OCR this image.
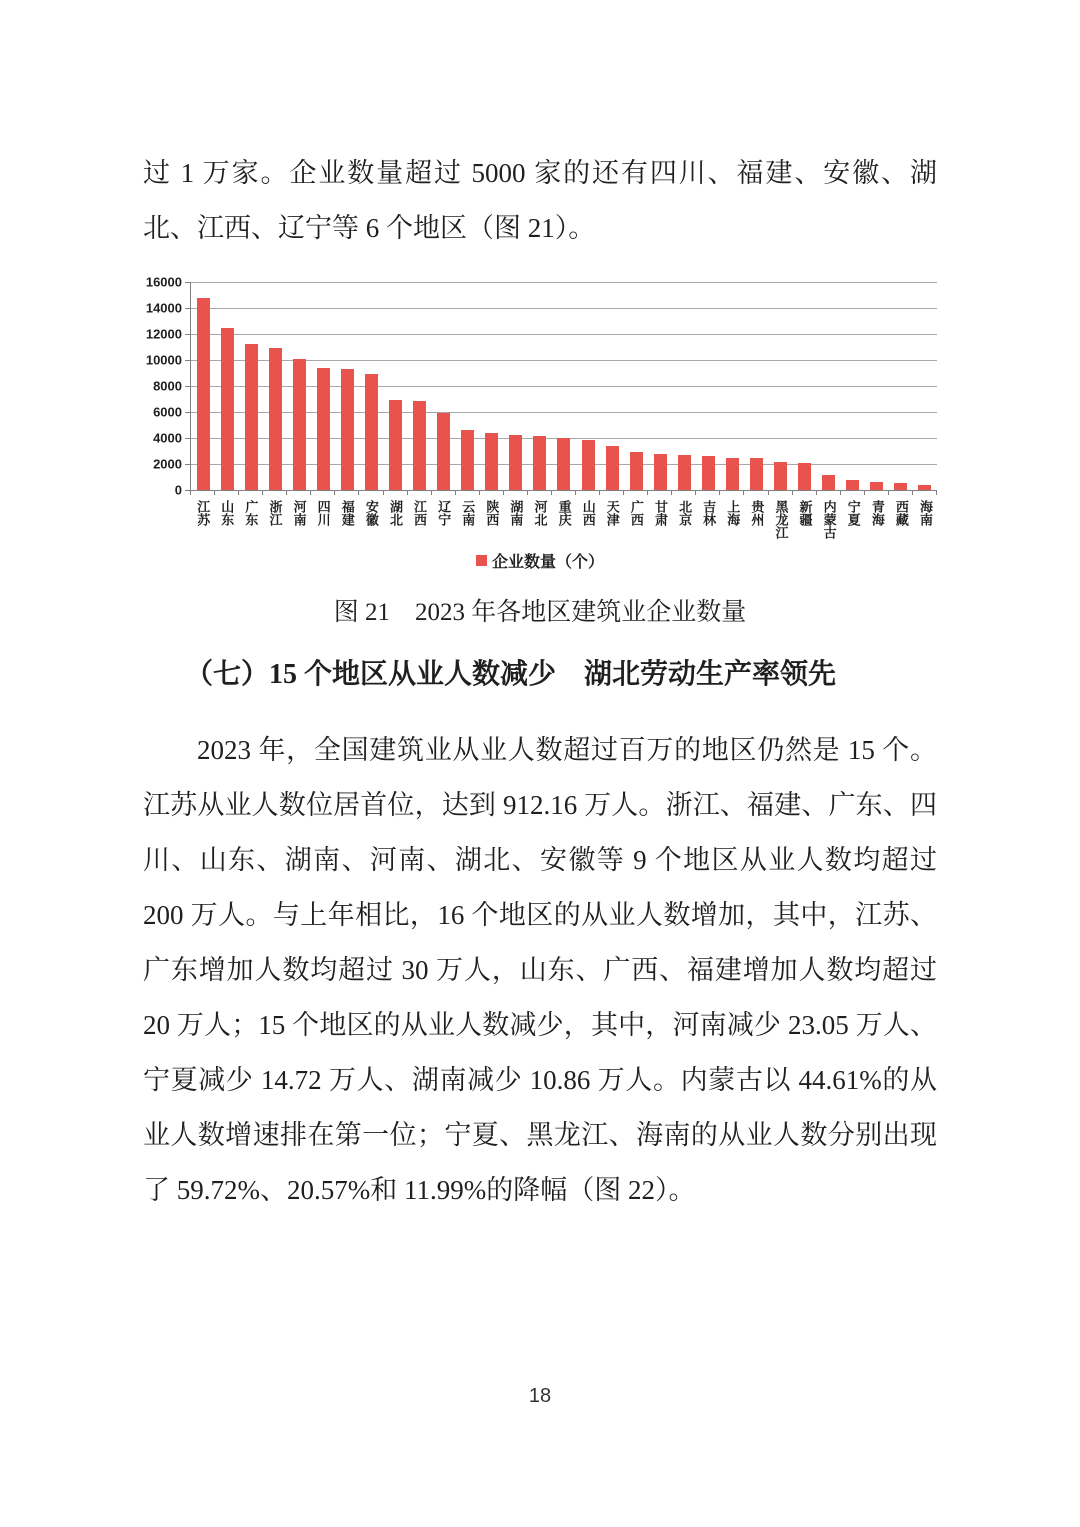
过 1 万家。企业数量超过 5000 家的还有四川、福建、安徽、湖北、江西、辽宁等 6 个地区（图 21）。

0
2000
4000
6000
8000
10000
12000
14000
16000
江苏 山东 广东 浙江 河南 四川 福建 安徽 湖北 江西 辽宁 云南 陕西 湖南 河北 重庆 山西 天津 广西 甘肃 北京 吉林 上海 贵州 黑龙江 新疆 内蒙古 宁夏 青海 西藏 海南
企业数量（个）

图 21　2023 年各地区建筑业企业数量

（七）15 个地区从业人数减少　湖北劳动生产率领先

2023 年，全国建筑业从业人数超过百万的地区仍然是 15 个。江苏从业人数位居首位，达到 912.16 万人。浙江、福建、广东、四川、山东、湖南、河南、湖北、安徽等 9 个地区从业人数均超过 200 万人。与上年相比，16 个地区的从业人数增加，其中，江苏、广东增加人数均超过 30 万人，山东、广西、福建增加人数均超过 20 万人；15 个地区的从业人数减少，其中，河南减少 23.05 万人、宁夏减少 14.72 万人、湖南减少 10.86 万人。内蒙古以 44.61%的从业人数增速排在第一位；宁夏、黑龙江、海南的从业人数分别出现了 59.72%、20.57%和 11.99%的降幅（图 22）。

18
